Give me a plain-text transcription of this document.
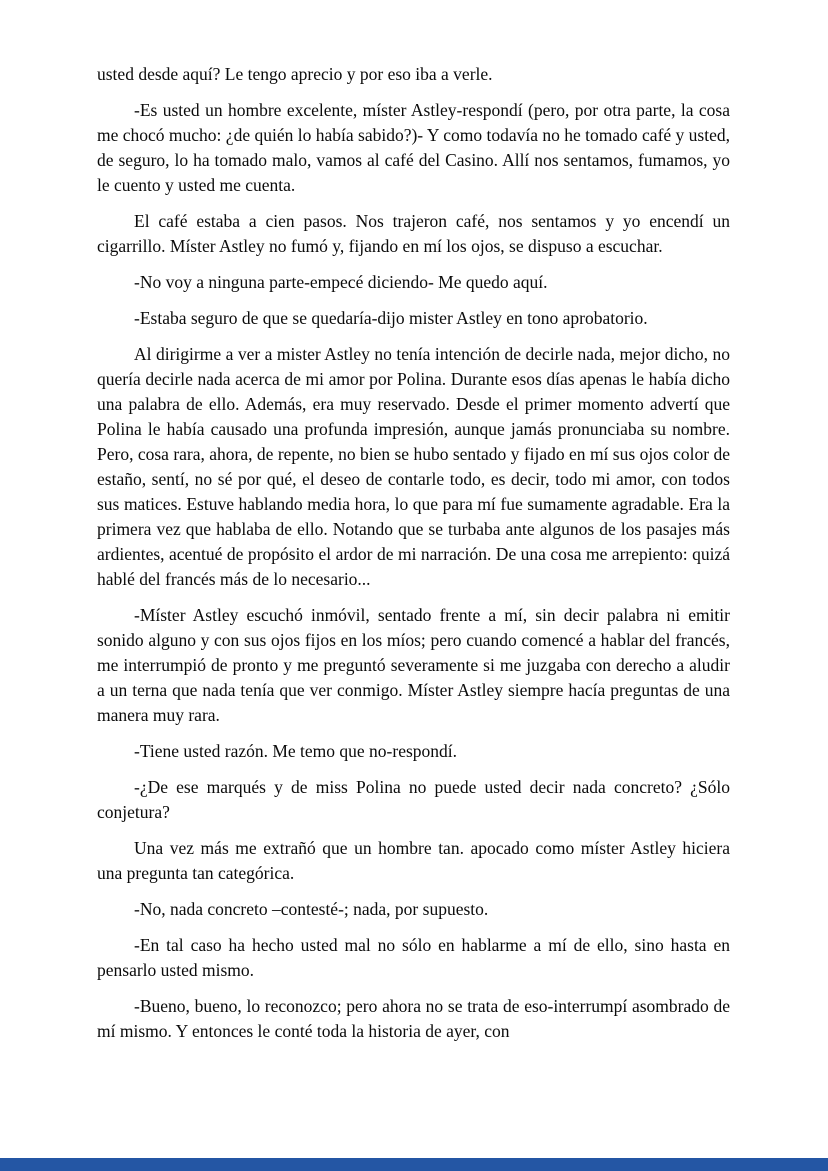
usted desde aquí? Le tengo aprecio y por eso iba a verle.

-Es usted un hombre excelente, míster Astley-respondí (pero, por otra parte, la cosa me chocó mucho: ¿de quién lo había sabido?)- Y como todavía no he tomado café y usted, de seguro, lo ha tomado malo, vamos al café del Casino. Allí nos sentamos, fumamos, yo le cuento y usted me cuenta.

El café estaba a cien pasos. Nos trajeron café, nos sentamos y yo encendí un cigarrillo. Míster Astley no fumó y, fijando en mí los ojos, se dispuso a escuchar.

-No voy a ninguna parte-empecé diciendo- Me quedo aquí.

-Estaba seguro de que se quedaría-dijo mister Astley en tono aprobatorio.

Al dirigirme a ver a mister Astley no tenía intención de decirle nada, mejor dicho, no quería decirle nada acerca de mi amor por Polina. Durante esos días apenas le había dicho una palabra de ello. Además, era muy reservado. Desde el primer momento advertí que Polina le había causado una profunda impresión, aunque jamás pronunciaba su nombre. Pero, cosa rara, ahora, de repente, no bien se hubo sentado y fijado en mí sus ojos color de estaño, sentí, no sé por qué, el deseo de contarle todo, es decir, todo mi amor, con todos sus matices. Estuve hablando media hora, lo que para mí fue sumamente agradable. Era la primera vez que hablaba de ello. Notando que se turbaba ante algunos de los pasajes más ardientes, acentué de propósito el ardor de mi narración. De una cosa me arrepiento: quizá hablé del francés más de lo necesario...

-Míster Astley escuchó inmóvil, sentado frente a mí, sin decir palabra ni emitir sonido alguno y con sus ojos fijos en los míos; pero cuando comencé a hablar del francés, me interrumpió de pronto y me preguntó severamente si me juzgaba con derecho a aludir a un terna que nada tenía que ver conmigo. Míster Astley siempre hacía preguntas de una manera muy rara.

-Tiene usted razón. Me temo que no-respondí.

-¿De ese marqués y de miss Polina no puede usted decir nada concreto? ¿Sólo conjetura?

Una vez más me extrañó que un hombre tan. apocado como míster Astley hiciera una pregunta tan categórica.

-No, nada concreto –contesté-; nada, por supuesto.

-En tal caso ha hecho usted mal no sólo en hablarme a mí de ello, sino hasta en pensarlo usted mismo.

-Bueno, bueno, lo reconozco; pero ahora no se trata de eso-interrumpí asombrado de mí mismo. Y entonces le conté toda la historia de ayer, con
